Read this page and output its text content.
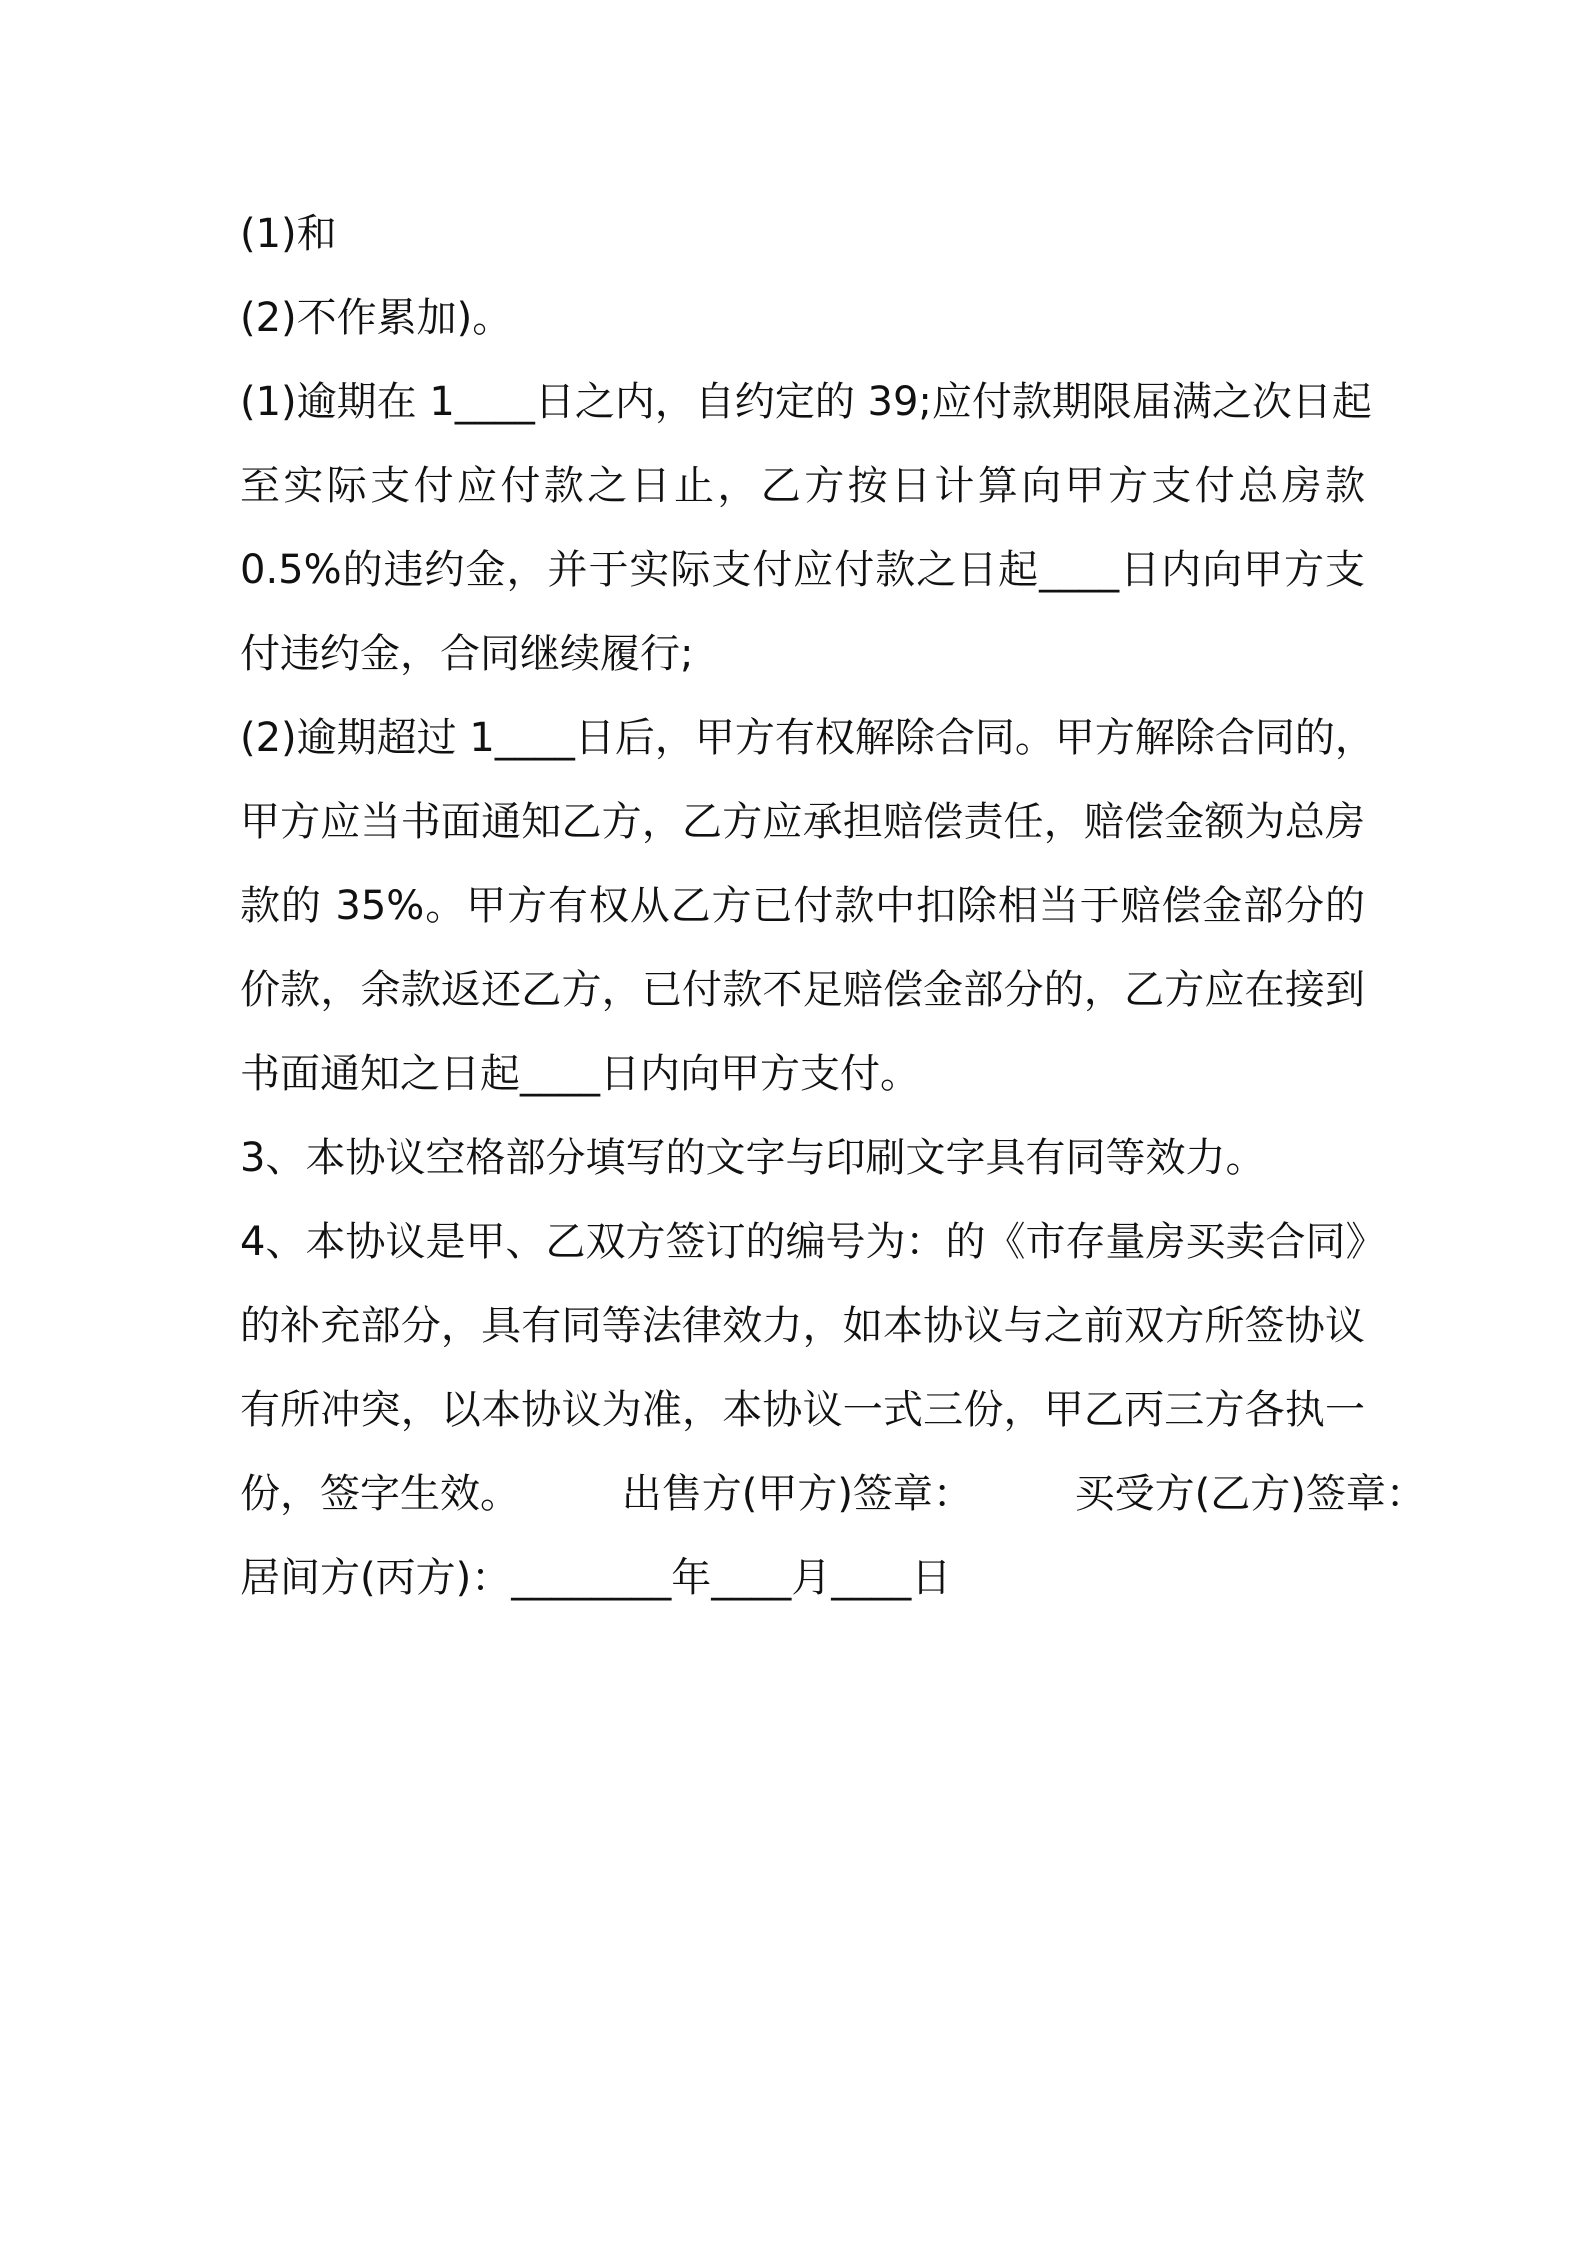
(1)和
(2)不作累加)。
(1)逾期在 1____日之内，自约定的 39;应付款期限届满之次日起
至实际支付应付款之日止，乙方按日计算向甲方支付总房款
0.5%的违约金，并于实际支付应付款之日起____日内向甲方支
付违约金，合同继续履行;
(2)逾期超过 1____日后，甲方有权解除合同。甲方解除合同的，
甲方应当书面通知乙方，乙方应承担赔偿责任，赔偿金额为总房
款的 35%。甲方有权从乙方已付款中扣除相当于赔偿金部分的
价款，余款返还乙方，已付款不足赔偿金部分的，乙方应在接到
书面通知之日起____日内向甲方支付。
3、本协议空格部分填写的文字与印刷文字具有同等效力。
4、本协议是甲、乙双方签订的编号为：的《市存量房买卖合同》
的补充部分，具有同等法律效力，如本协议与之前双方所签协议
有所冲突，以本协议为准，本协议一式三份，甲乙丙三方各执一
份，签字生效。        出售方(甲方)签章：        买受方(乙方)签章：
居间方(丙方)：________年____月____日
